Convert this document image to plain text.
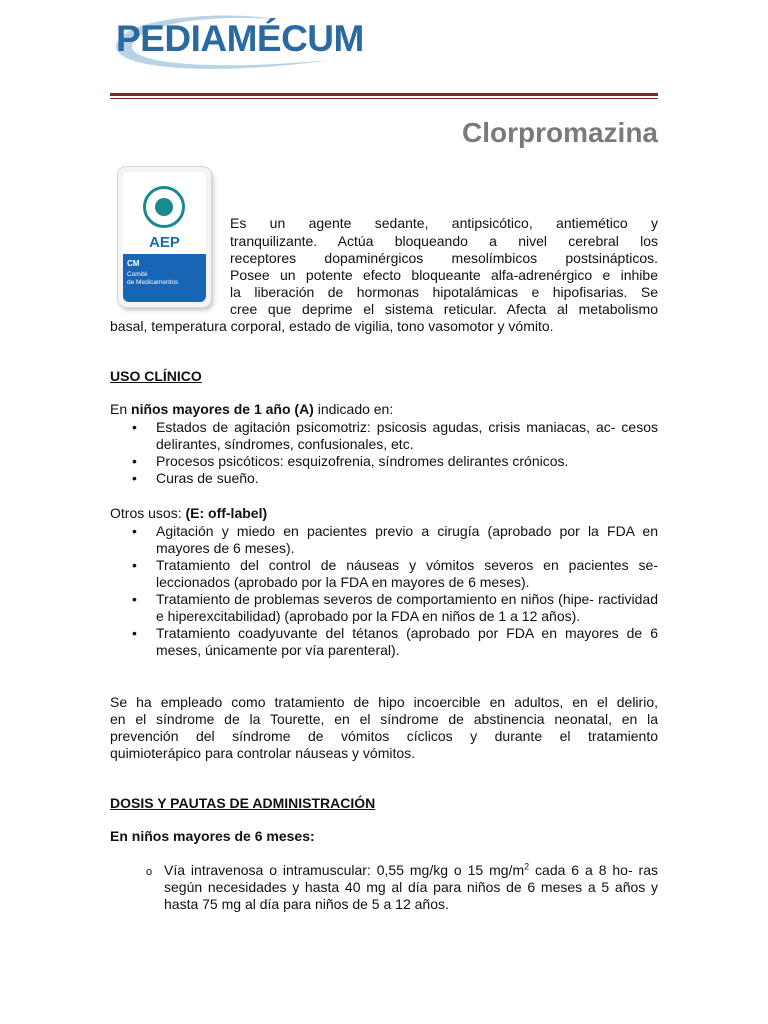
PEDIAMÉCUM
Clorpromazina
AEP
CM
Comité
de Medicamentos
Es un agente sedante, antipsicótico, antiemético y
tranquilizante. Actúa bloqueando a nivel cerebral los
receptores dopaminérgicos mesolímbicos postsinápticos.
Posee un potente efecto bloqueante alfa-adrenérgico e inhibe
la liberación de hormonas hipotalámicas e hipofisarias. Se
cree que deprime el sistema reticular. Afecta al metabolismo
basal, temperatura corporal, estado de vigilia, tono vasomotor y vómito.
USO CLÍNICO
En niños mayores de 1 año (A) indicado en:
• Estados de agitación psicomotriz: psicosis agudas, crisis maniacas, ac- cesos delirantes, síndromes, confusionales, etc.
• Procesos psicóticos: esquizofrenia, síndromes delirantes crónicos.
• Curas de sueño.
Otros usos: (E: off-label)
• Agitación y miedo en pacientes previo a cirugía (aprobado por la FDA en mayores de 6 meses).
• Tratamiento del control de náuseas y vómitos severos en pacientes se- leccionados (aprobado por la FDA en mayores de 6 meses).
• Tratamiento de problemas severos de comportamiento en niños (hipe- ractividad e hiperexcitabilidad) (aprobado por la FDA en niños de 1 a 12 años).
• Tratamiento coadyuvante del tétanos (aprobado por FDA en mayores de 6 meses, únicamente por vía parenteral).
Se ha empleado como tratamiento de hipo incoercible en adultos, en el delirio,
en el síndrome de la Tourette, en el síndrome de abstinencia neonatal, en la
prevención del síndrome de vómitos cíclicos y durante el tratamiento
quimioterápico para controlar náuseas y vómitos.
DOSIS Y PAUTAS DE ADMINISTRACIÓN
En niños mayores de 6 meses:
o Vía intravenosa o intramuscular: 0,55 mg/kg o 15 $mg/m^2$ cada 6 a 8 ho- ras según necesidades y hasta 40 mg al día para niños de 6 meses a 5 años y hasta 75 mg al día para niños de 5 a 12 años.
